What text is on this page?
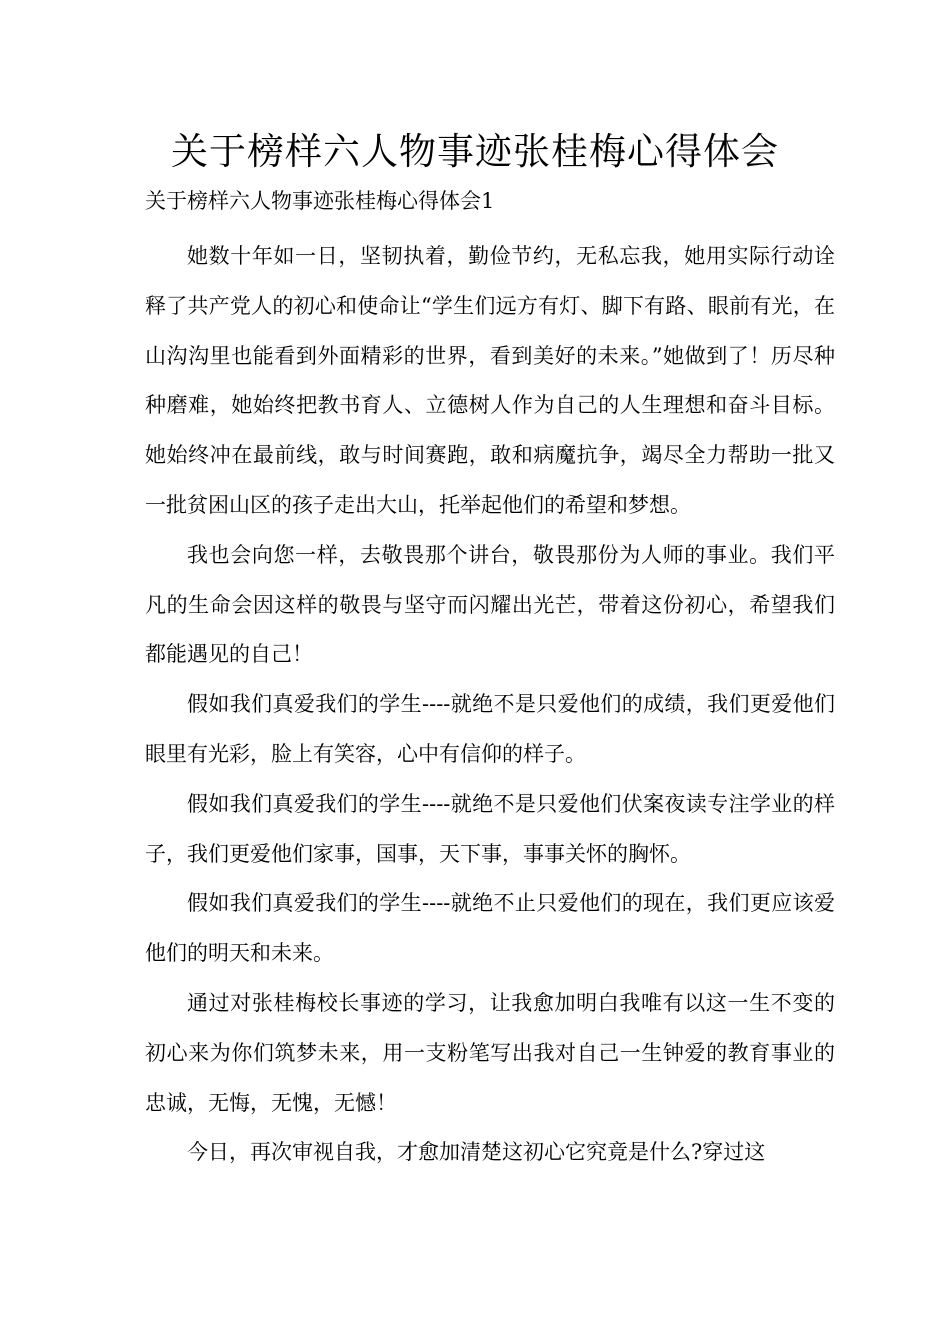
关于榜样六人物事迹张桂梅心得体会
关于榜样六人物事迹张桂梅心得体会1

她数十年如一日，坚韧执着，勤俭节约，无私忘我，她用实际行动诠释了共产党人的初心和使命让“学生们远方有灯、脚下有路、眼前有光，在山沟沟里也能看到外面精彩的世界，看到美好的未来。”她做到了！历尽种种磨难，她始终把教书育人、立德树人作为自己的人生理想和奋斗目标。她始终冲在最前线，敢与时间赛跑，敢和病魔抗争，竭尽全力帮助一批又一批贫困山区的孩子走出大山，托举起他们的希望和梦想。

我也会向您一样，去敬畏那个讲台，敬畏那份为人师的事业。我们平凡的生命会因这样的敬畏与坚守而闪耀出光芒，带着这份初心，希望我们都能遇见的自己！

假如我们真爱我们的学生----就绝不是只爱他们的成绩，我们更爱他们眼里有光彩，脸上有笑容，心中有信仰的样子。

假如我们真爱我们的学生----就绝不是只爱他们伏案夜读专注学业的样子，我们更爱他们家事，国事，天下事，事事关怀的胸怀。

假如我们真爱我们的学生----就绝不止只爱他们的现在，我们更应该爱他们的明天和未来。

通过对张桂梅校长事迹的学习，让我愈加明白我唯有以这一生不变的初心来为你们筑梦未来，用一支粉笔写出我对自己一生钟爱的教育事业的忠诚，无悔，无愧，无憾！

今日，再次审视自我，才愈加清楚这初心它究竟是什么?穿过这
